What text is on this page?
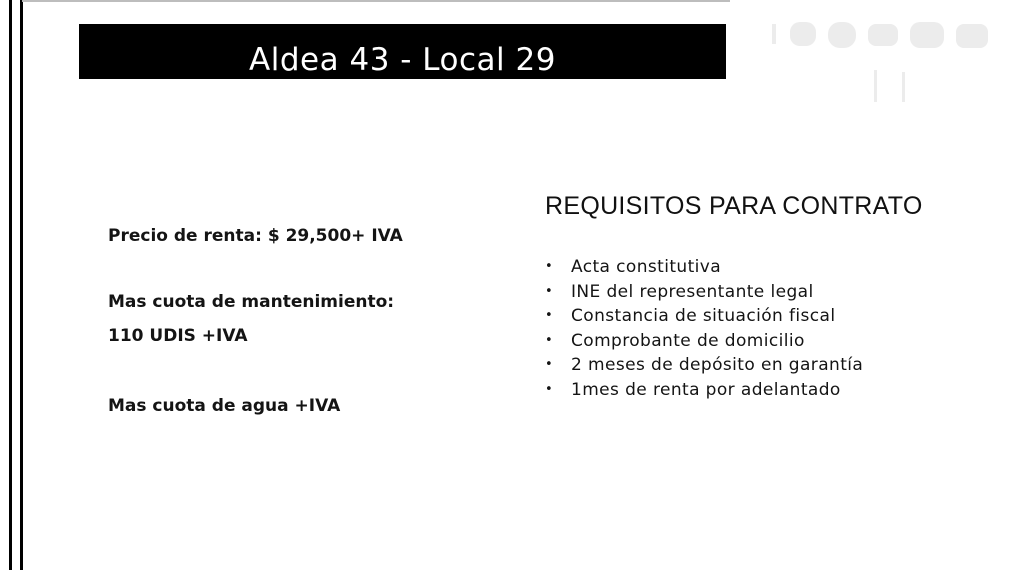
Aldea 43 - Local 29
Precio de renta: $ 29,500+ IVA
Mas cuota de mantenimiento:
110 UDIS +IVA
Mas cuota de agua +IVA
REQUISITOS PARA CONTRATO
•	Acta constitutiva
•	INE del representante legal
•	Constancia de situación fiscal
•	Comprobante de domicilio
•	2 meses de depósito en garantía
•	1mes de renta por adelantado
